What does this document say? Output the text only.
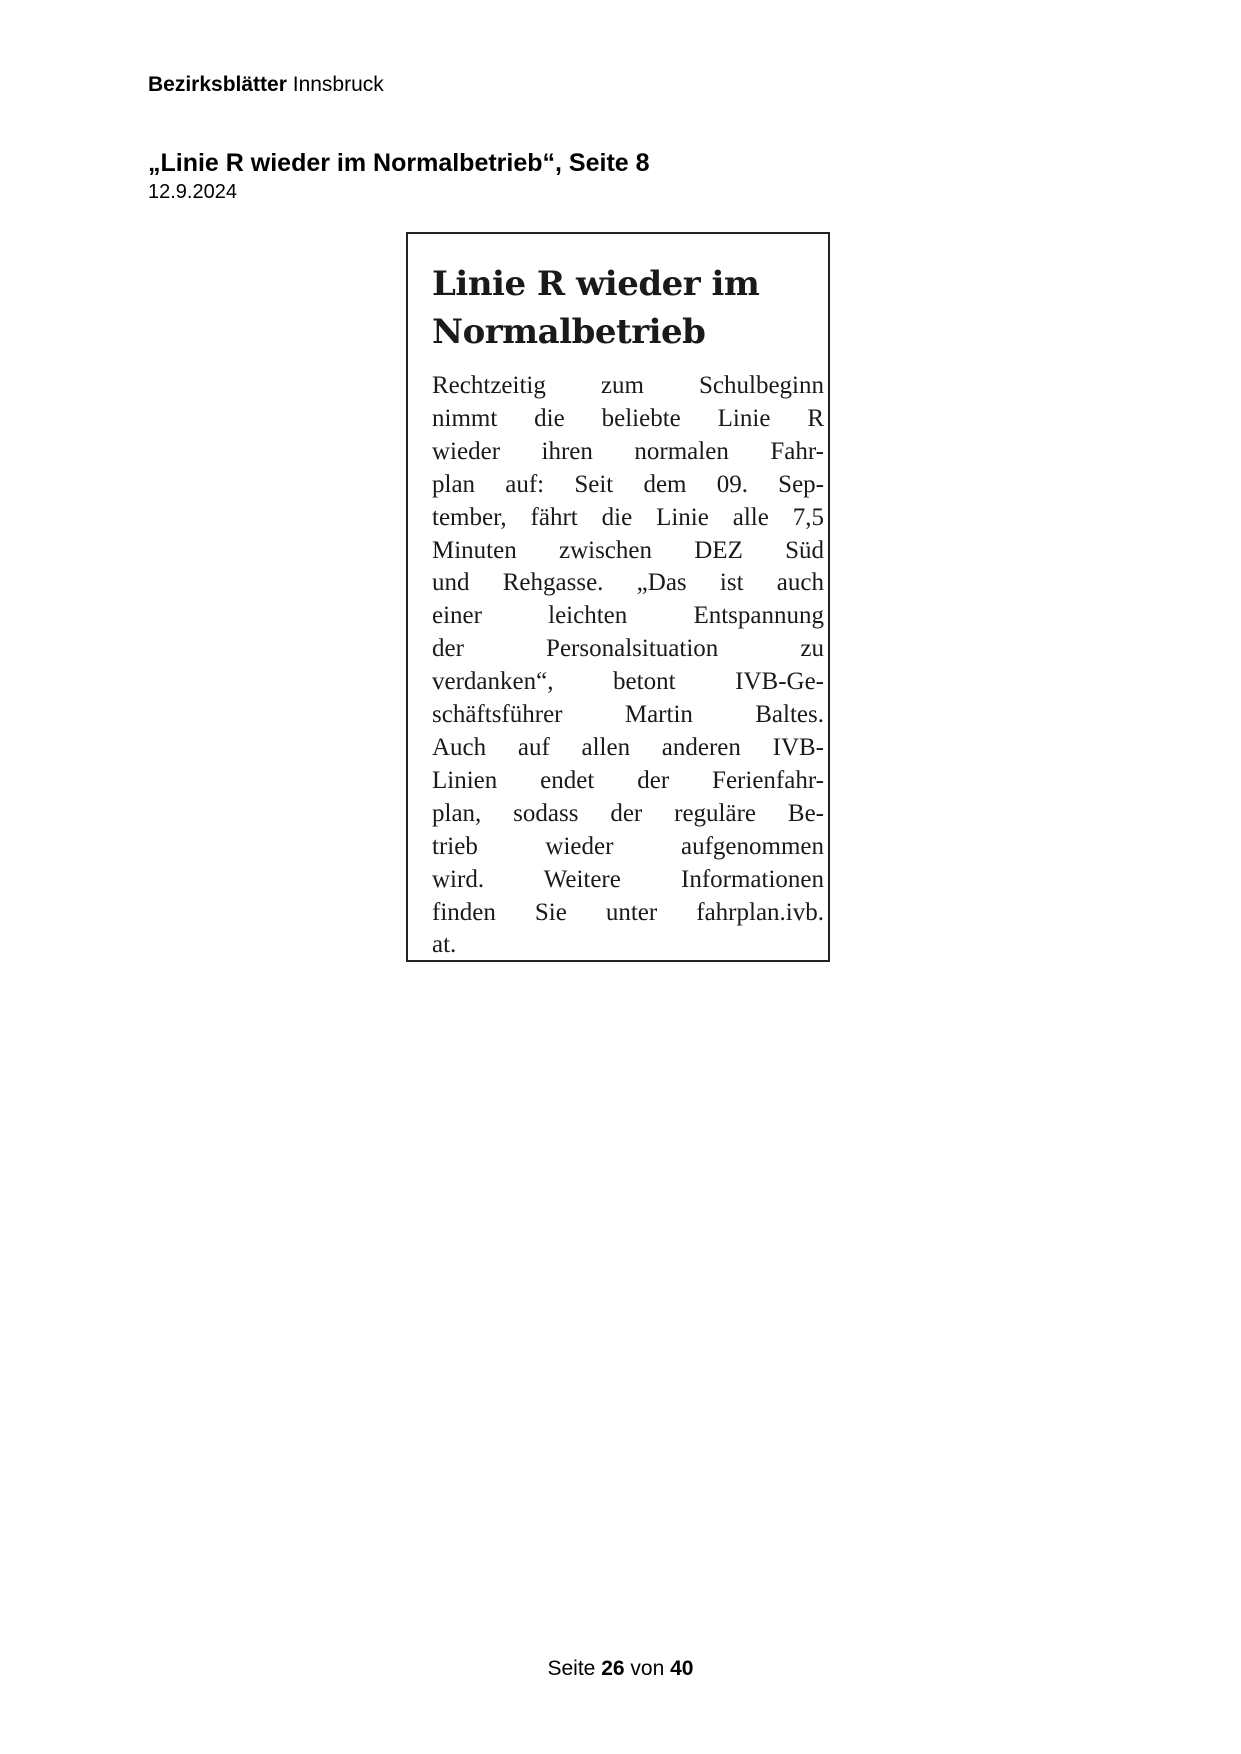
Bezirksblätter Innsbruck
„Linie R wieder im Normalbetrieb“, Seite 8
12.9.2024
Linie R wieder im
Normalbetrieb
Rechtzeitig zum Schulbeginn
nimmt die beliebte Linie R
wieder ihren normalen Fahr-
plan auf: Seit dem 09. Sep-
tember, fährt die Linie alle 7,5
Minuten zwischen DEZ Süd
und Rehgasse. „Das ist auch
einer leichten Entspannung
der Personalsituation zu
verdanken“, betont IVB-Ge-
schäftsführer Martin Baltes.
Auch auf allen anderen IVB-
Linien endet der Ferienfahr-
plan, sodass der reguläre Be-
trieb wieder aufgenommen
wird. Weitere Informationen
finden Sie unter fahrplan.ivb.
at.
Seite 26 von 40
